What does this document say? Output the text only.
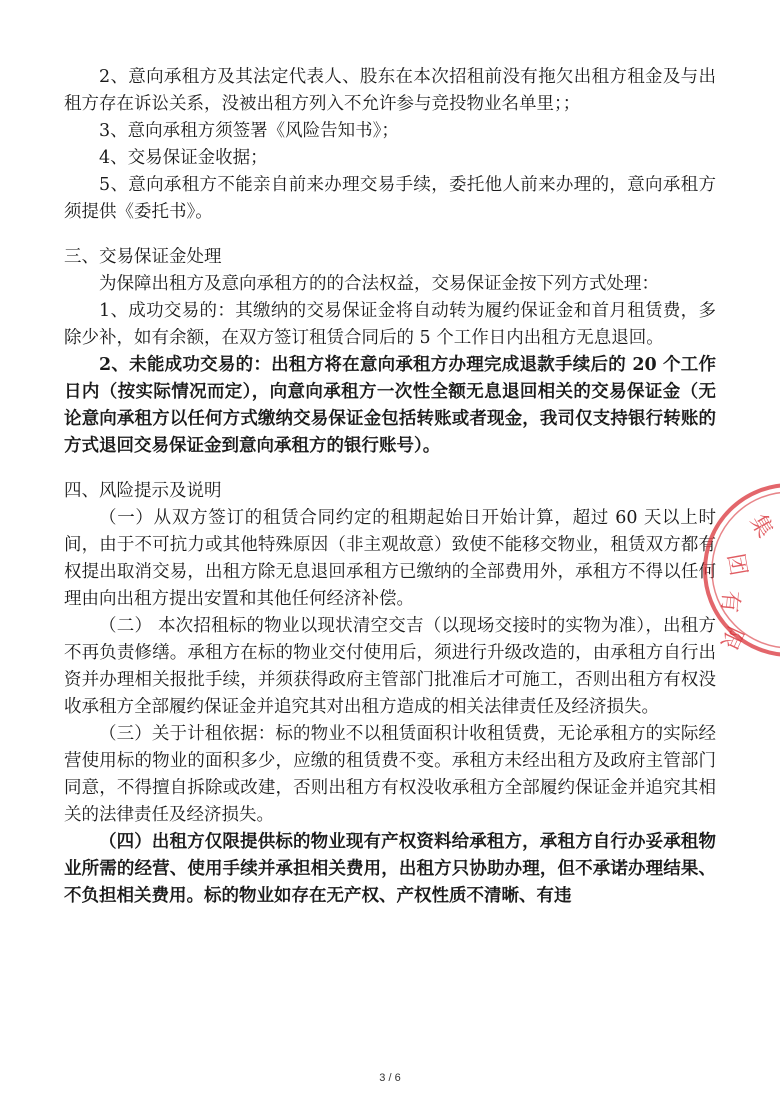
2、意向承租方及其法定代表人、股东在本次招租前没有拖欠出租方租金及与出租方存在诉讼关系，没被出租方列入不允许参与竞投物业名单里；；

3、意向承租方须签署《风险告知书》；

4、交易保证金收据；

5、意向承租方不能亲自前来办理交易手续，委托他人前来办理的，意向承租方须提供《委托书》。

三、交易保证金处理

为保障出租方及意向承租方的的合法权益，交易保证金按下列方式处理：

1、成功交易的：其缴纳的交易保证金将自动转为履约保证金和首月租赁费，多除少补，如有余额，在双方签订租赁合同后的 5 个工作日内出租方无息退回。

2、未能成功交易的：出租方将在意向承租方办理完成退款手续后的 20 个工作日内（按实际情况而定），向意向承租方一次性全额无息退回相关的交易保证金（无论意向承租方以任何方式缴纳交易保证金包括转账或者现金，我司仅支持银行转账的方式退回交易保证金到意向承租方的银行账号）。

四、风险提示及说明

（一）从双方签订的租赁合同约定的租期起始日开始计算，超过 60 天以上时间，由于不可抗力或其他特殊原因（非主观故意）致使不能移交物业，租赁双方都有权提出取消交易，出租方除无息退回承租方已缴纳的全部费用外，承租方不得以任何理由向出租方提出安置和其他任何经济补偿。

（二） 本次招租标的物业以现状清空交吉（以现场交接时的实物为准），出租方不再负责修缮。承租方在标的物业交付使用后，须进行升级改造的，由承租方自行出资并办理相关报批手续，并须获得政府主管部门批准后才可施工，否则出租方有权没收承租方全部履约保证金并追究其对出租方造成的相关法律责任及经济损失。

（三）关于计租依据：标的物业不以租赁面积计收租赁费，无论承租方的实际经营使用标的物业的面积多少，应缴的租赁费不变。承租方未经出租方及政府主管部门同意，不得擅自拆除或改建，否则出租方有权没收承租方全部履约保证金并追究其相关的法律责任及经济损失。

（四）出租方仅限提供标的物业现有产权资料给承租方，承租方自行办妥承租物业所需的经营、使用手续并承担相关费用，出租方只协助办理，但不承诺办理结果、不负担相关费用。标的物业如存在无产权、产权性质不清晰、有违

集
团
有
限
3 / 6
